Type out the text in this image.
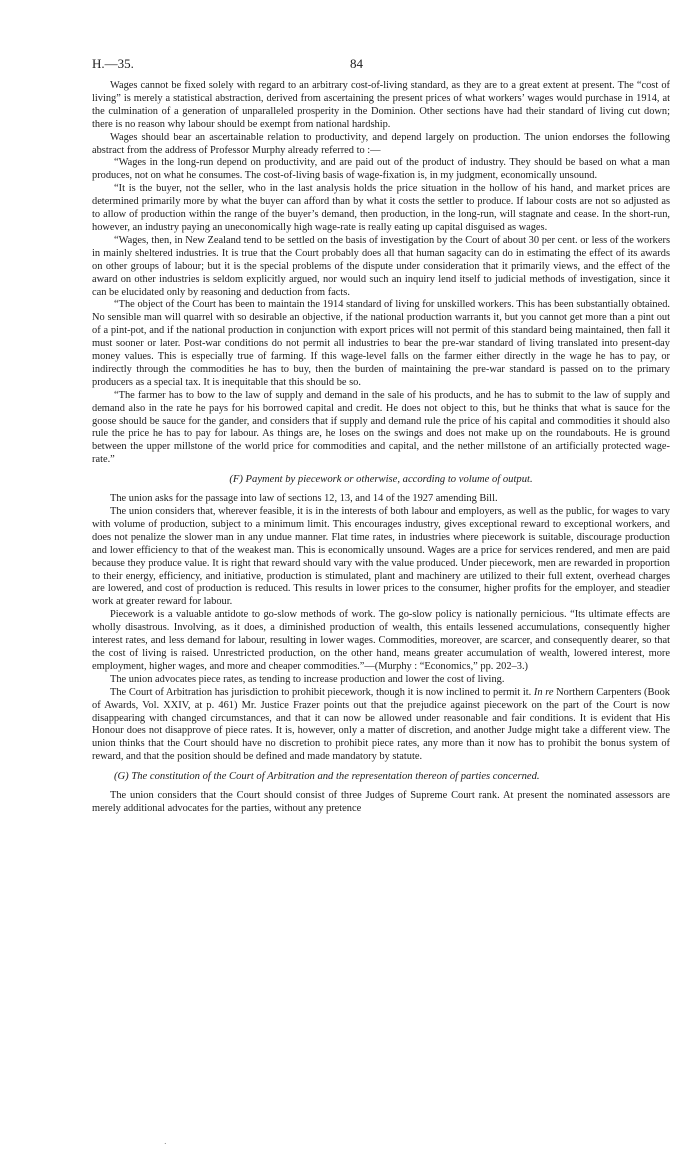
H.—35.	84

Wages cannot be fixed solely with regard to an arbitrary cost-of-living standard, as they are to a great extent at present. The “cost of living” is merely a statistical abstraction, derived from ascertaining the present prices of what workers’ wages would purchase in 1914, at the culmination of a generation of unparalleled prosperity in the Dominion. Other sections have had their standard of living cut down; there is no reason why labour should be exempt from national hardship.

Wages should bear an ascertainable relation to productivity, and depend largely on production. The union endorses the following abstract from the address of Professor Murphy already referred to :—

“Wages in the long-run depend on productivity, and are paid out of the product of industry. They should be based on what a man produces, not on what he consumes. The cost-of-living basis of wage-fixation is, in my judgment, economically unsound.

“It is the buyer, not the seller, who in the last analysis holds the price situation in the hollow of his hand, and market prices are determined primarily more by what the buyer can afford than by what it costs the settler to produce. If labour costs are not so adjusted as to allow of production within the range of the buyer’s demand, then production, in the long-run, will stagnate and cease. In the short-run, however, an industry paying an uneconomically high wage-rate is really eating up capital disguised as wages.

“Wages, then, in New Zealand tend to be settled on the basis of investigation by the Court of about 30 per cent. or less of the workers in mainly sheltered industries. It is true that the Court probably does all that human sagacity can do in estimating the effect of its awards on other groups of labour; but it is the special problems of the dispute under consideration that it primarily views, and the effect of the award on other industries is seldom explicitly argued, nor would such an inquiry lend itself to judicial methods of investigation, since it can be elucidated only by reasoning and deduction from facts.

“The object of the Court has been to maintain the 1914 standard of living for unskilled workers. This has been substantially obtained. No sensible man will quarrel with so desirable an objective, if the national production warrants it, but you cannot get more than a pint out of a pint-pot, and if the national production in conjunction with export prices will not permit of this standard being maintained, then fall it must sooner or later. Post-war conditions do not permit all industries to bear the pre-war standard of living translated into present-day money values. This is especially true of farming. If this wage-level falls on the farmer either directly in the wage he has to pay, or indirectly through the commodities he has to buy, then the burden of maintaining the pre-war standard is passed on to the primary producers as a special tax. It is inequitable that this should be so.

“The farmer has to bow to the law of supply and demand in the sale of his products, and he has to submit to the law of supply and demand also in the rate he pays for his borrowed capital and credit. He does not object to this, but he thinks that what is sauce for the goose should be sauce for the gander, and considers that if supply and demand rule the price of his capital and commodities it should also rule the price he has to pay for labour. As things are, he loses on the swings and does not make up on the roundabouts. He is ground between the upper millstone of the world price for commodities and capital, and the nether millstone of an artificially protected wage-rate.”

(F) Payment by piecework or otherwise, according to volume of output.

The union asks for the passage into law of sections 12, 13, and 14 of the 1927 amending Bill.

The union considers that, wherever feasible, it is in the interests of both labour and employers, as well as the public, for wages to vary with volume of production, subject to a minimum limit. This encourages industry, gives exceptional reward to exceptional workers, and does not penalize the slower man in any undue manner. Flat time rates, in industries where piecework is suitable, discourage production and lower efficiency to that of the weakest man. This is economically unsound. Wages are a price for services rendered, and men are paid because they produce value. It is right that reward should vary with the value produced. Under piecework, men are rewarded in proportion to their energy, efficiency, and initiative, production is stimulated, plant and machinery are utilized to their full extent, overhead charges are lowered, and cost of production is reduced. This results in lower prices to the consumer, higher profits for the employer, and steadier work at greater reward for labour.

Piecework is a valuable antidote to go-slow methods of work. The go-slow policy is nationally pernicious. “Its ultimate effects are wholly disastrous. Involving, as it does, a diminished production of wealth, this entails lessened accumulations, consequently higher interest rates, and less demand for labour, resulting in lower wages. Commodities, moreover, are scarcer, and consequently dearer, so that the cost of living is raised. Unrestricted production, on the other hand, means greater accumulation of wealth, lowered interest, more employment, higher wages, and more and cheaper commodities.”—(Murphy : “Economics,” pp. 202–3.)

The union advocates piece rates, as tending to increase production and lower the cost of living.

The Court of Arbitration has jurisdiction to prohibit piecework, though it is now inclined to permit it. In re Northern Carpenters (Book of Awards, Vol. XXIV, at p. 461) Mr. Justice Frazer points out that the prejudice against piecework on the part of the Court is now disappearing with changed circumstances, and that it can now be allowed under reasonable and fair conditions. It is evident that His Honour does not disapprove of piece rates. It is, however, only a matter of discretion, and another Judge might take a different view. The union thinks that the Court should have no discretion to prohibit piece rates, any more than it now has to prohibit the bonus system of reward, and that the position should be defined and made mandatory by statute.

(G) The constitution of the Court of Arbitration and the representation thereon of parties concerned.

The union considers that the Court should consist of three Judges of Supreme Court rank. At present the nominated assessors are merely additional advocates for the parties, without any pretence

.
